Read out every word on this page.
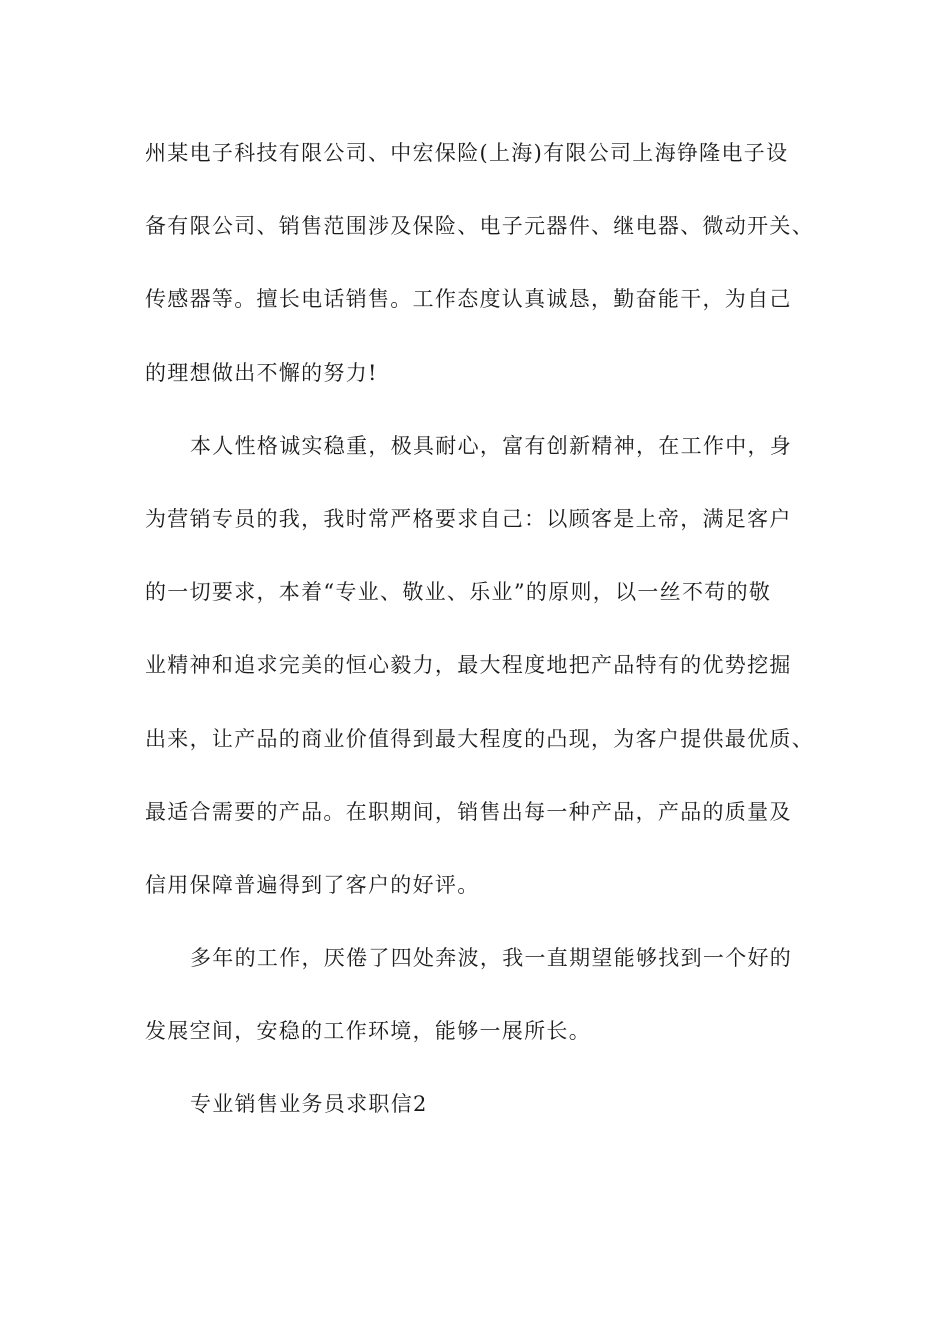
州某电子科技有限公司、中宏保险(上海)有限公司上海铮隆电子设
备有限公司、销售范围涉及保险、电子元器件、继电器、微动开关、
传感器等。擅长电话销售。工作态度认真诚恳，勤奋能干，为自己
的理想做出不懈的努力!
本人性格诚实稳重，极具耐心，富有创新精神，在工作中，身
为营销专员的我，我时常严格要求自己：以顾客是上帝，满足客户
的一切要求，本着“专业、敬业、乐业”的原则，以一丝不苟的敬
业精神和追求完美的恒心毅力，最大程度地把产品特有的优势挖掘
出来，让产品的商业价值得到最大程度的凸现，为客户提供最优质、
最适合需要的产品。在职期间，销售出每一种产品，产品的质量及
信用保障普遍得到了客户的好评。
多年的工作，厌倦了四处奔波，我一直期望能够找到一个好的
发展空间，安稳的工作环境，能够一展所长。
专业销售业务员求职信2
